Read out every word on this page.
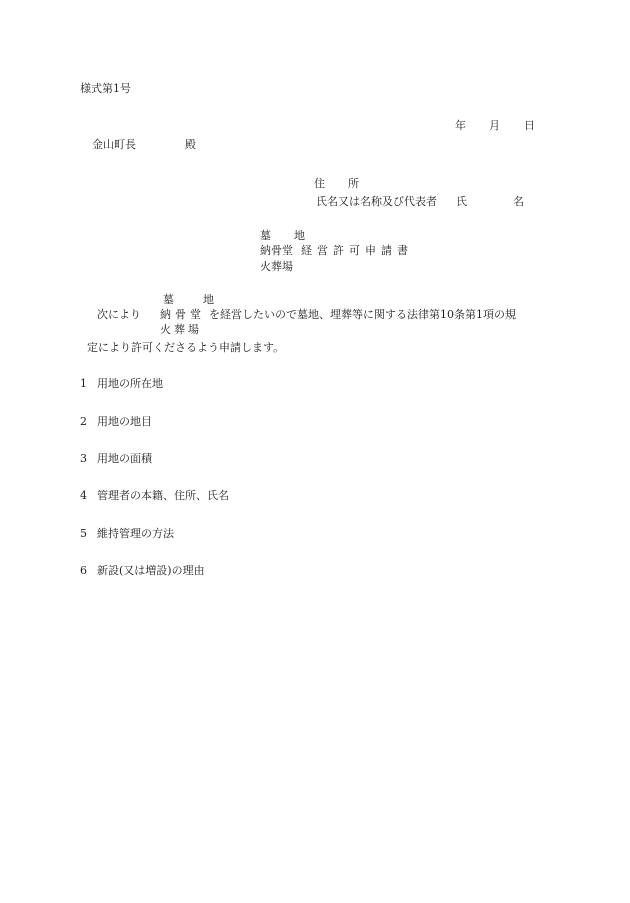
様式第1号
年 月 日
金山町長	殿
住　所
氏名又は名称及び代表者 氏	名
墓　地
納骨堂 経営許可申請書
火葬場
墓　地
次により 納骨堂 を経営したいので墓地、埋葬等に関する法律第10条第1項の規
火葬場
定により許可くださるよう申請します。
1 用地の所在地
2 用地の地目
3 用地の面積
4 管理者の本籍、住所、氏名
5 維持管理の方法
6 新設(又は増設)の理由
